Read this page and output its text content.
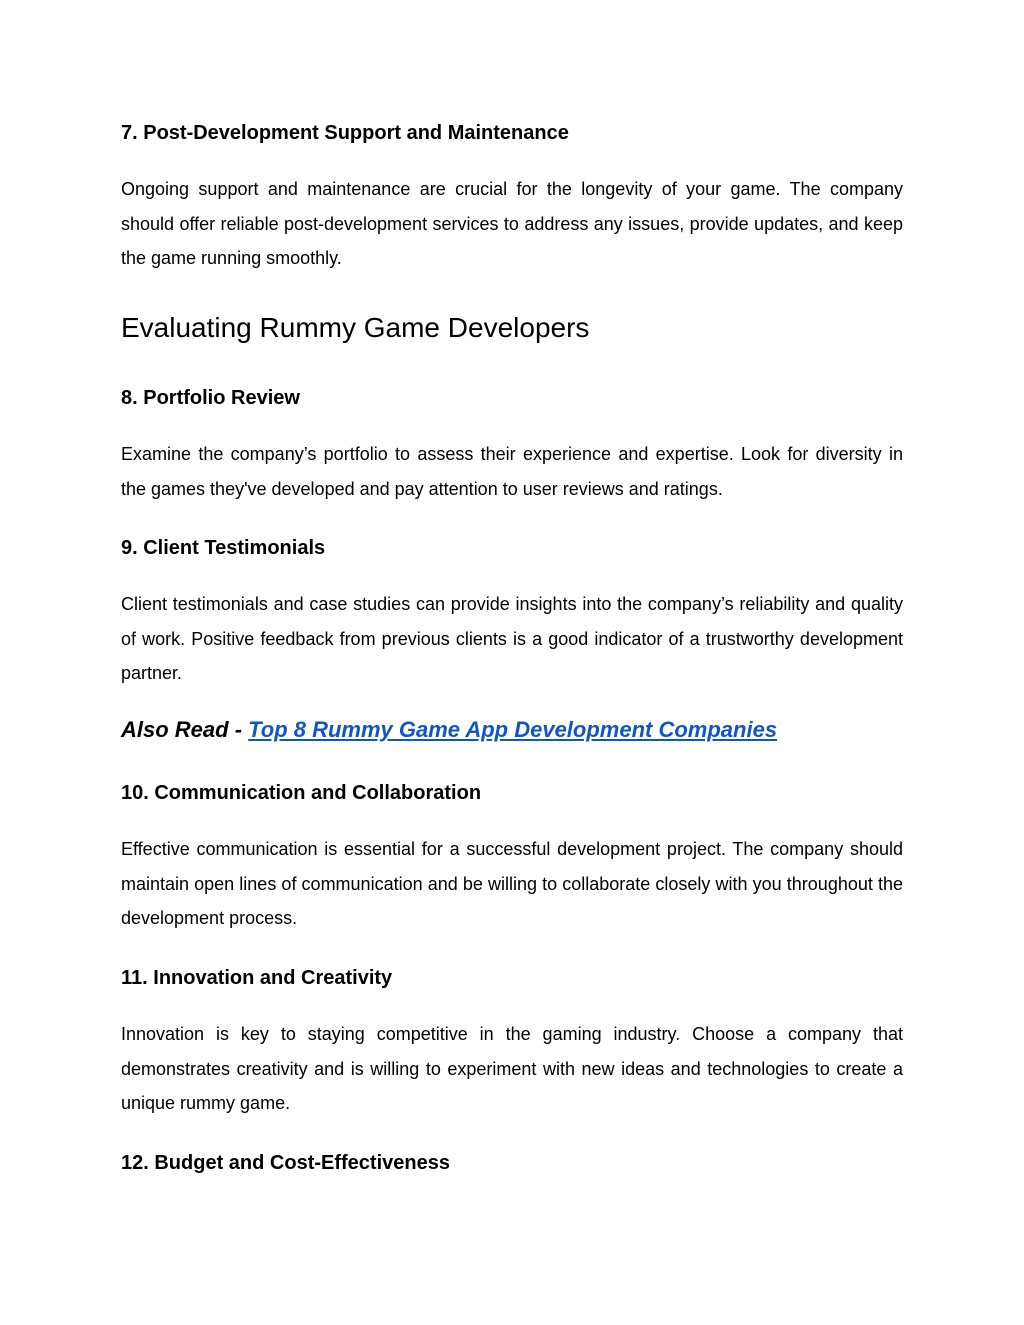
7. Post-Development Support and Maintenance

Ongoing support and maintenance are crucial for the longevity of your game. The company should offer reliable post-development services to address any issues, provide updates, and keep the game running smoothly.

Evaluating Rummy Game Developers
8. Portfolio Review

Examine the company’s portfolio to assess their experience and expertise. Look for diversity in the games they've developed and pay attention to user reviews and ratings.

9. Client Testimonials

Client testimonials and case studies can provide insights into the company’s reliability and quality of work. Positive feedback from previous clients is a good indicator of a trustworthy development partner.

Also Read - Top 8 Rummy Game App Development Companies

10. Communication and Collaboration

Effective communication is essential for a successful development project. The company should maintain open lines of communication and be willing to collaborate closely with you throughout the development process.

11. Innovation and Creativity

Innovation is key to staying competitive in the gaming industry. Choose a company that demonstrates creativity and is willing to experiment with new ideas and technologies to create a unique rummy game.

12. Budget and Cost-Effectiveness
